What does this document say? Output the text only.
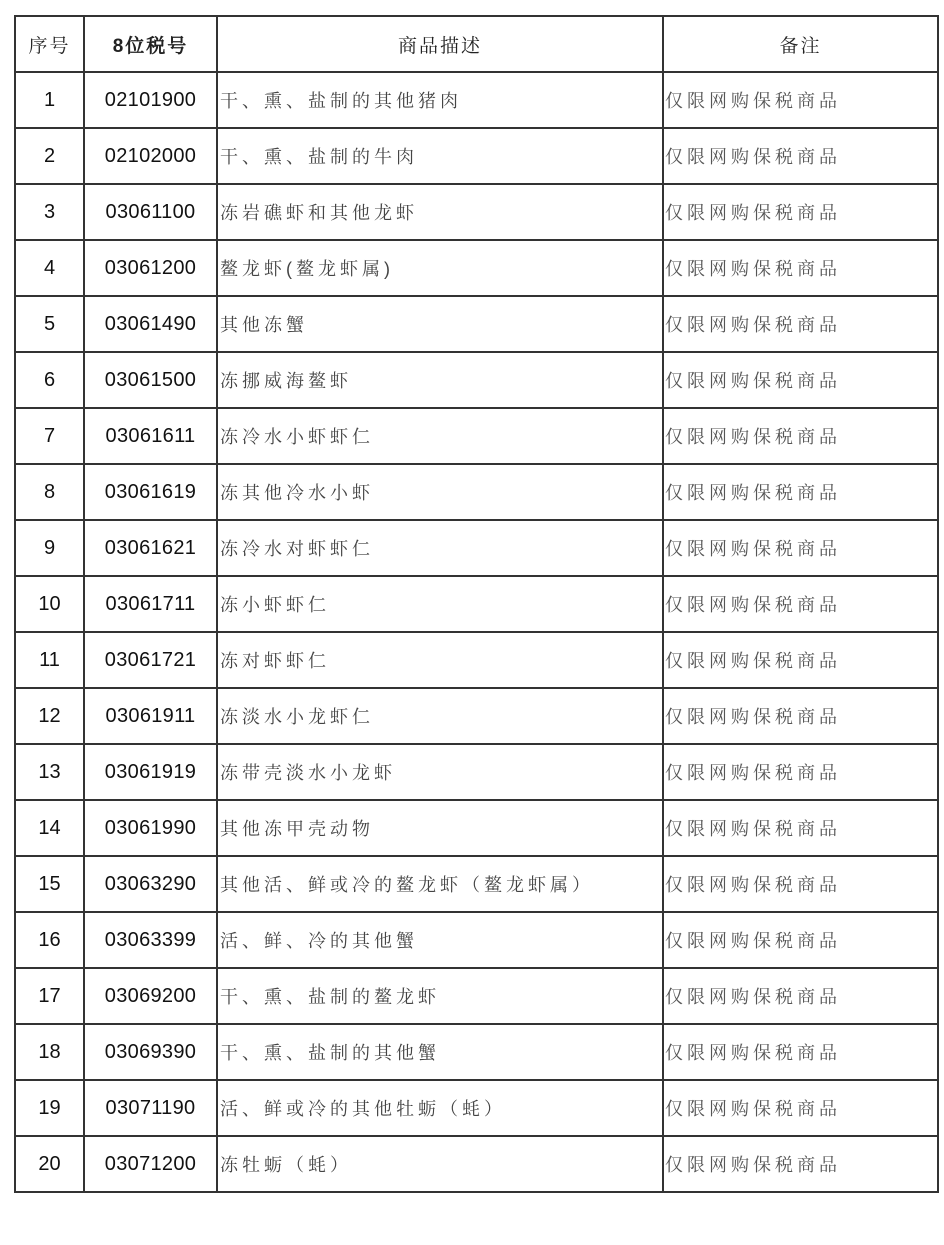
序号	8位税号	商品描述	备注
1	02101900	干、熏、盐制的其他猪肉	仅限网购保税商品
2	02102000	干、熏、盐制的牛肉	仅限网购保税商品
3	03061100	冻岩礁虾和其他龙虾	仅限网购保税商品
4	03061200	鳌龙虾(鳌龙虾属)	仅限网购保税商品
5	03061490	其他冻蟹	仅限网购保税商品
6	03061500	冻挪威海鳌虾	仅限网购保税商品
7	03061611	冻冷水小虾虾仁	仅限网购保税商品
8	03061619	冻其他冷水小虾	仅限网购保税商品
9	03061621	冻冷水对虾虾仁	仅限网购保税商品
10	03061711	冻小虾虾仁	仅限网购保税商品
11	03061721	冻对虾虾仁	仅限网购保税商品
12	03061911	冻淡水小龙虾仁	仅限网购保税商品
13	03061919	冻带壳淡水小龙虾	仅限网购保税商品
14	03061990	其他冻甲壳动物	仅限网购保税商品
15	03063290	其他活、鲜或冷的鳌龙虾（鳌龙虾属）	仅限网购保税商品
16	03063399	活、鲜、冷的其他蟹	仅限网购保税商品
17	03069200	干、熏、盐制的鳌龙虾	仅限网购保税商品
18	03069390	干、熏、盐制的其他蟹	仅限网购保税商品
19	03071190	活、鲜或冷的其他牡蛎（蚝）	仅限网购保税商品
20	03071200	冻牡蛎（蚝）	仅限网购保税商品
